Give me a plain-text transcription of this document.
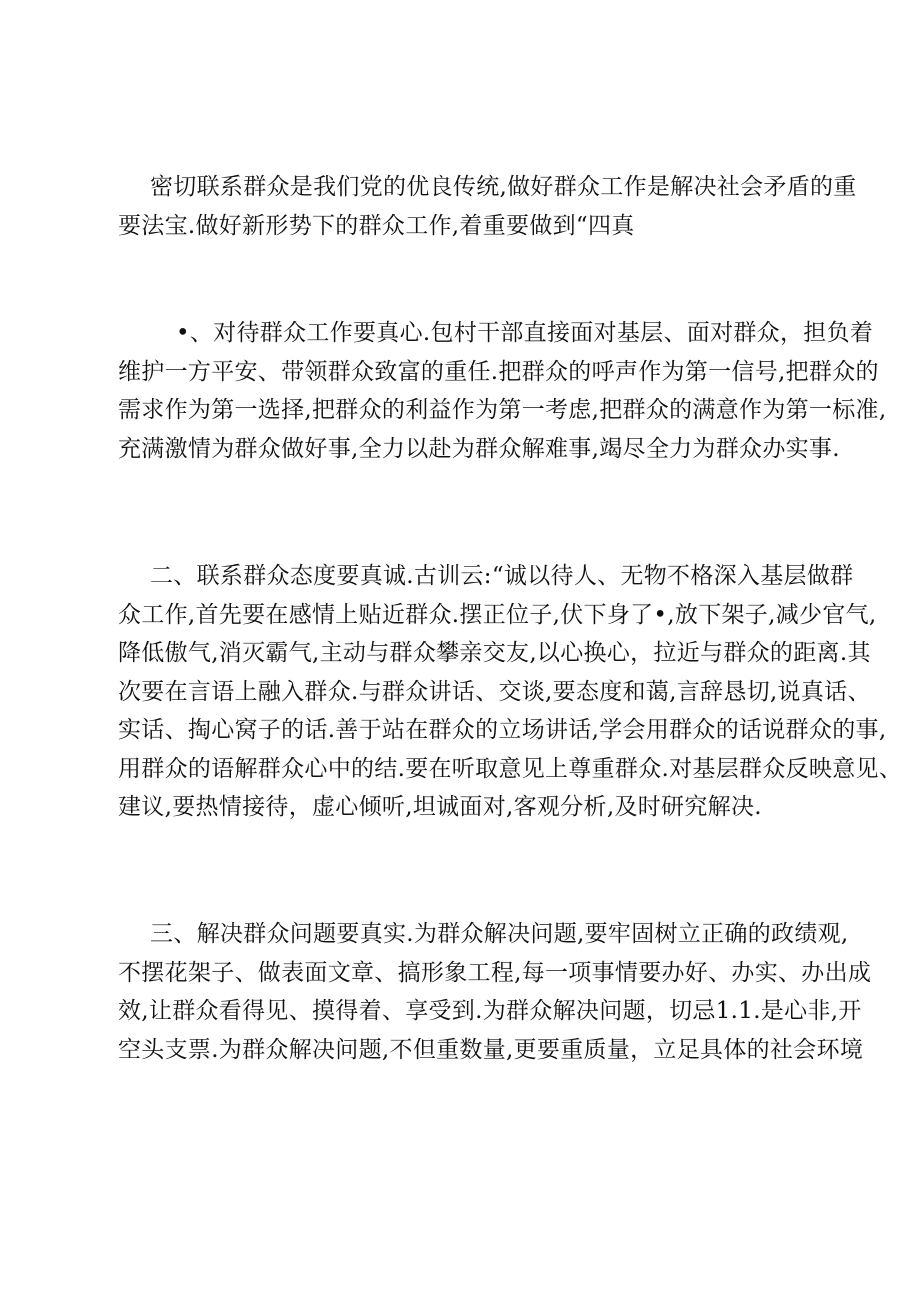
密切联系群众是我们党的优良传统,做好群众工作是解决社会矛盾的重
要法宝.做好新形势下的群众工作,着重要做到“四真
•、对待群众工作要真心.包村干部直接面对基层、面对群众，担负着
维护一方平安、带领群众致富的重任.把群众的呼声作为第一信号,把群众的
需求作为第一选择,把群众的利益作为第一考虑,把群众的满意作为第一标准,
充满激情为群众做好事,全力以赴为群众解难事,竭尽全力为群众办实事.
二、联系群众态度要真诚.古训云:“诚以待人、无物不格深入基层做群
众工作,首先要在感情上贴近群众.摆正位子,伏下身了•,放下架子,减少官气,
降低傲气,消灭霸气,主动与群众攀亲交友,以心换心，拉近与群众的距离.其
次要在言语上融入群众.与群众讲话、交谈,要态度和蔼,言辞恳切,说真话、
实话、掏心窝子的话.善于站在群众的立场讲话,学会用群众的话说群众的事,
用群众的语解群众心中的结.要在听取意见上尊重群众.对基层群众反映意见、
建议,要热情接待，虚心倾听,坦诚面对,客观分析,及时研究解决.
三、解决群众问题要真实.为群众解决问题,要牢固树立正确的政绩观,
不摆花架子、做表面文章、搞形象工程,每一项事情要办好、办实、办出成
效,让群众看得见、摸得着、享受到.为群众解决问题，切忌1.1.是心非,开
空头支票.为群众解决问题,不但重数量,更要重质量，立足具体的社会环境
